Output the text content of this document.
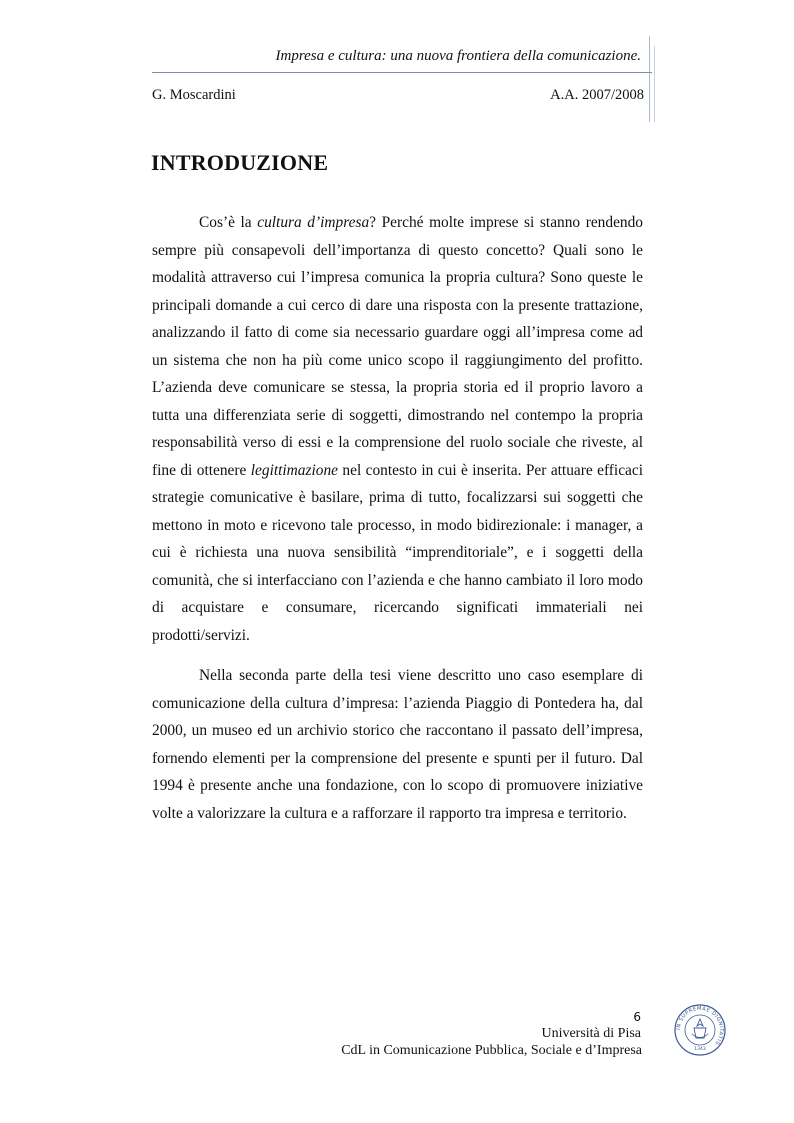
Impresa e cultura: una nuova frontiera della comunicazione.
G. Moscardini	A.A. 2007/2008
INTRODUZIONE

Cos’è la cultura d’impresa? Perché molte imprese si stanno rendendo sempre più consapevoli dell’importanza di questo concetto? Quali sono le modalità attraverso cui l’impresa comunica la propria cultura? Sono queste le principali domande a cui cerco di dare una risposta con la presente trattazione, analizzando il fatto di come sia necessario guardare oggi all’impresa come ad un sistema che non ha più come unico scopo il raggiungimento del profitto. L’azienda deve comunicare se stessa, la propria storia ed il proprio lavoro a tutta una differenziata serie di soggetti, dimostrando nel contempo la propria responsabilità verso di essi e la comprensione del ruolo sociale che riveste, al fine di ottenere legittimazione nel contesto in cui è inserita. Per attuare efficaci strategie comunicative è basilare, prima di tutto, focalizzarsi sui soggetti che mettono in moto e ricevono tale processo, in modo bidirezionale: i manager, a cui è richiesta una nuova sensibilità “imprenditoriale”, e i soggetti della comunità, che si interfacciano con l’azienda e che hanno cambiato il loro modo di acquistare e consumare, ricercando significati immateriali nei prodotti/servizi.

Nella seconda parte della tesi viene descritto uno caso esemplare di comunicazione della cultura d’impresa: l’azienda Piaggio di Pontedera ha, dal 2000, un museo ed un archivio storico che raccontano il passato dell’impresa, fornendo elementi per la comprensione del presente e spunti per il futuro. Dal 1994 è presente anche una fondazione, con lo scopo di promuovere iniziative volte a valorizzare la cultura e a rafforzare il rapporto tra impresa e territorio.

6
Università di Pisa
CdL in Comunicazione Pubblica, Sociale e d’Impresa
IN SUPREMAE DIGNITATIS
1343
